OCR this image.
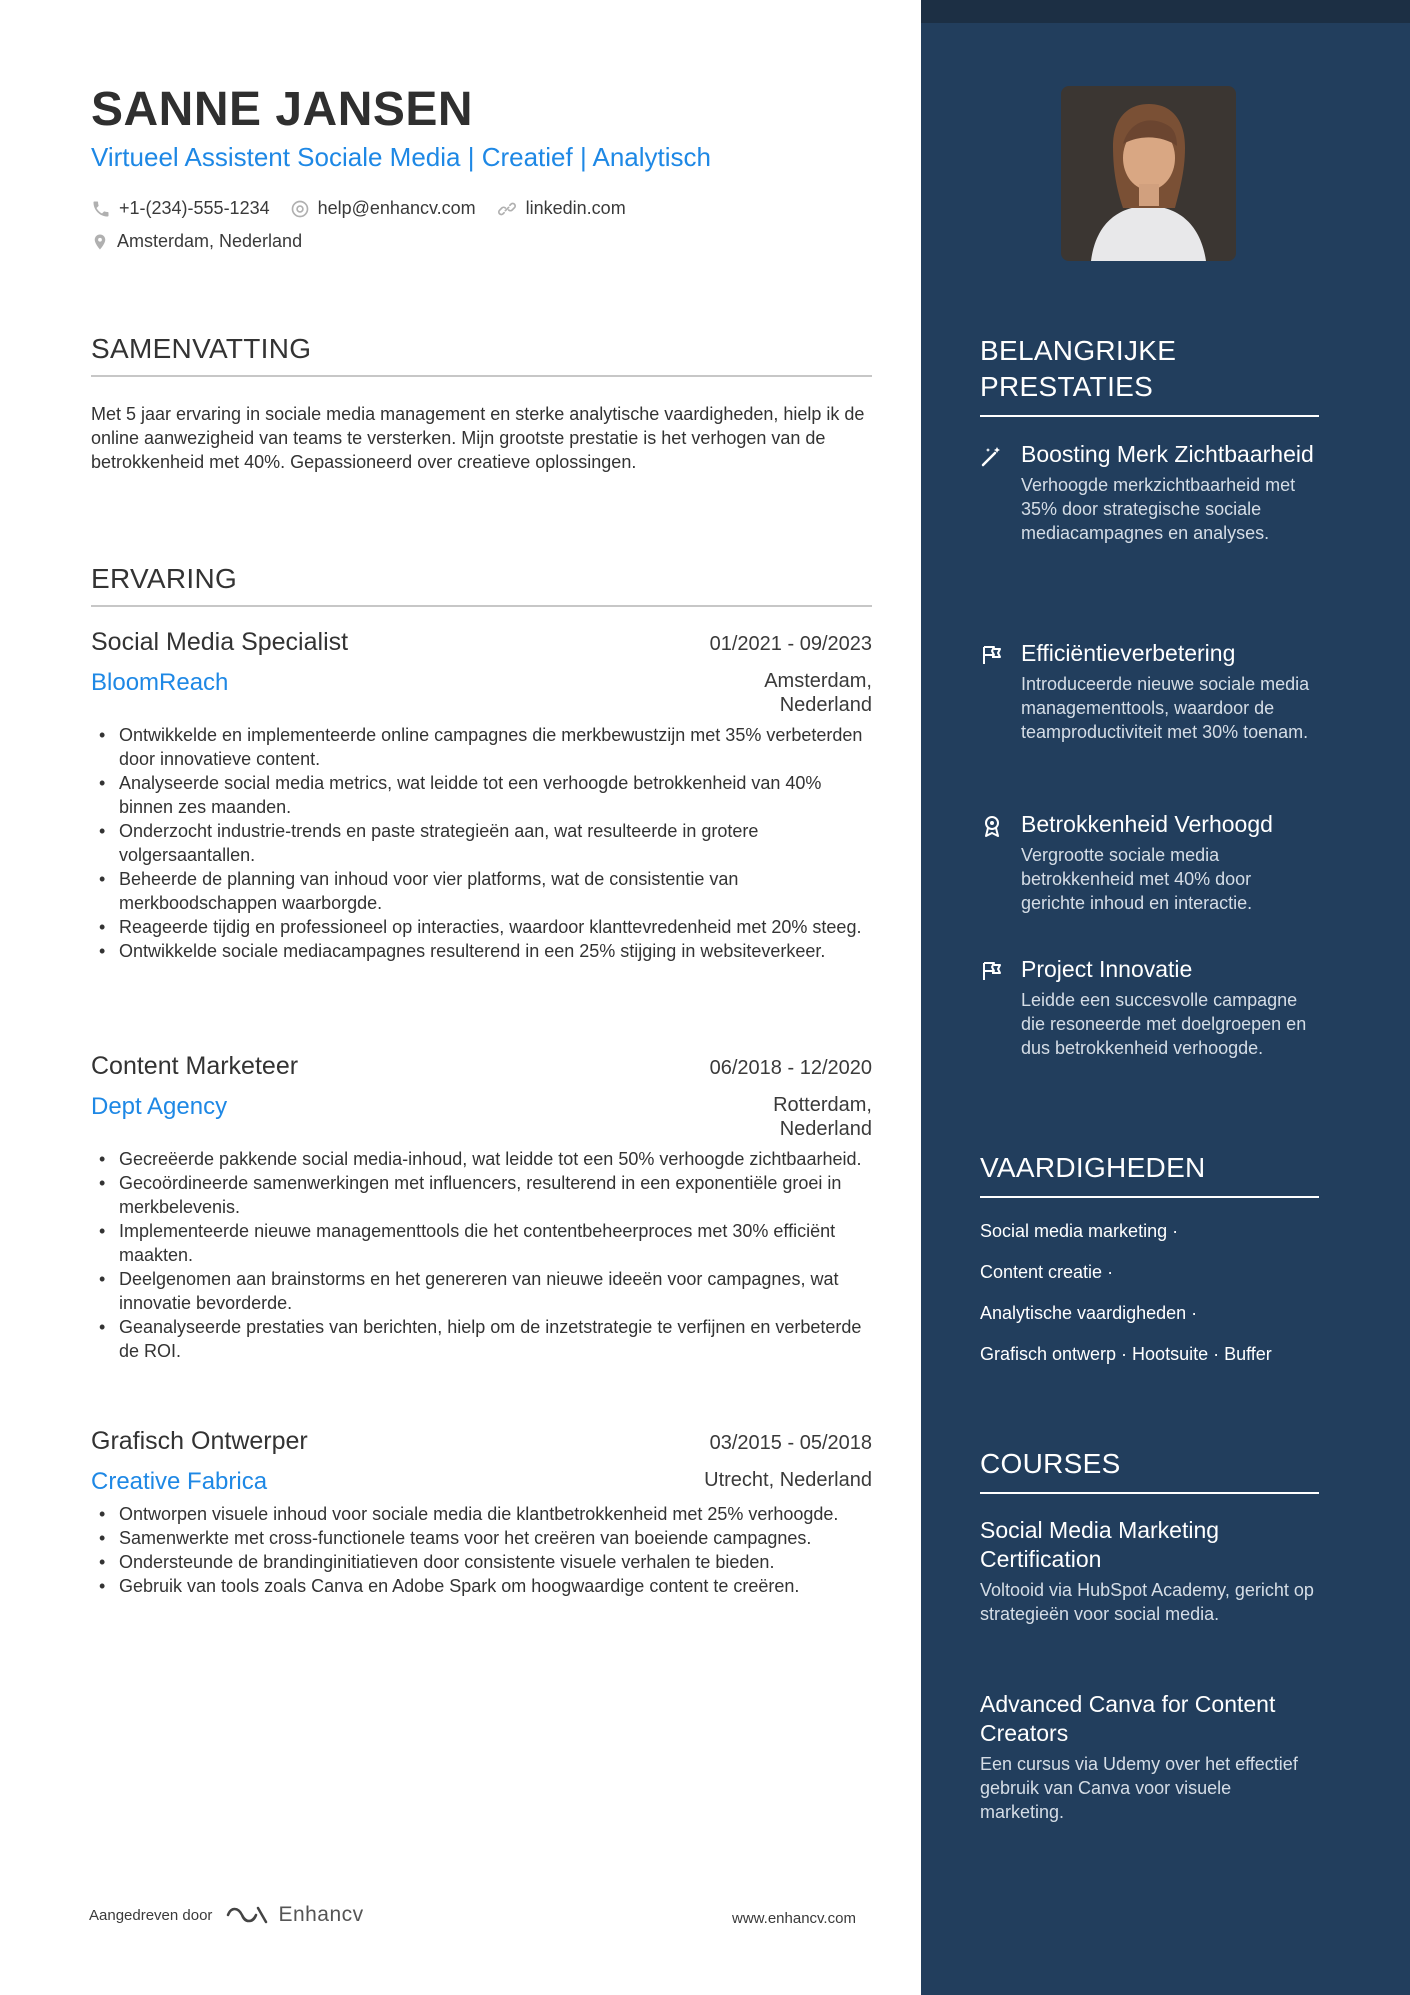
SANNE JANSEN
Virtueel Assistent Sociale Media | Creatief | Analytisch
+1-(234)-555-1234	help@enhancv.com	linkedin.com
Amsterdam, Nederland
SAMENVATTING
Met 5 jaar ervaring in sociale media management en sterke analytische vaardigheden, hielp ik de online aanwezigheid van teams te versterken. Mijn grootste prestatie is het verhogen van de betrokkenheid met 40%. Gepassioneerd over creatieve oplossingen.
ERVARING
Social Media Specialist	01/2021 - 09/2023
BloomReach	Amsterdam,
Nederland
• Ontwikkelde en implementeerde online campagnes die merkbewustzijn met 35% verbeterden door innovatieve content.
• Analyseerde social media metrics, wat leidde tot een verhoogde betrokkenheid van 40% binnen zes maanden.
• Onderzocht industrie-trends en paste strategieën aan, wat resulteerde in grotere volgersaantallen.
• Beheerde de planning van inhoud voor vier platforms, wat de consistentie van merkboodschappen waarborgde.
• Reageerde tijdig en professioneel op interacties, waardoor klanttevredenheid met 20% steeg.
• Ontwikkelde sociale mediacampagnes resulterend in een 25% stijging in websiteverkeer.
Content Marketeer	06/2018 - 12/2020
Dept Agency	Rotterdam,
Nederland
• Gecreëerde pakkende social media-inhoud, wat leidde tot een 50% verhoogde zichtbaarheid.
• Gecoördineerde samenwerkingen met influencers, resulterend in een exponentiële groei in merkbelevenis.
• Implementeerde nieuwe managementtools die het contentbeheerproces met 30% efficiënt maakten.
• Deelgenomen aan brainstorms en het genereren van nieuwe ideeën voor campagnes, wat innovatie bevorderde.
• Geanalyseerde prestaties van berichten, hielp om de inzetstrategie te verfijnen en verbeterde de ROI.
Grafisch Ontwerper	03/2015 - 05/2018
Creative Fabrica	Utrecht, Nederland
• Ontworpen visuele inhoud voor sociale media die klantbetrokkenheid met 25% verhoogde.
• Samenwerkte met cross-functionele teams voor het creëren van boeiende campagnes.
• Ondersteunde de brandinginitiatieven door consistente visuele verhalen te bieden.
• Gebruik van tools zoals Canva en Adobe Spark om hoogwaardige content te creëren.
Aangedreven door	Enhancv	www.enhancv.com
BELANGRIJKE PRESTATIES
Boosting Merk Zichtbaarheid
Verhoogde merkzichtbaarheid met 35% door strategische sociale mediacampagnes en analyses.
Efficiëntieverbetering
Introduceerde nieuwe sociale media managementtools, waardoor de teamproductiviteit met 30% toenam.
Betrokkenheid Verhoogd
Vergrootte sociale media betrokkenheid met 40% door gerichte inhoud en interactie.
Project Innovatie
Leidde een succesvolle campagne die resoneerde met doelgroepen en dus betrokkenheid verhoogde.
VAARDIGHEDEN
Social media marketing ·
Content creatie ·
Analytische vaardigheden ·
Grafisch ontwerp · Hootsuite · Buffer
COURSES
Social Media Marketing Certification
Voltooid via HubSpot Academy, gericht op strategieën voor social media.
Advanced Canva for Content Creators
Een cursus via Udemy over het effectief gebruik van Canva voor visuele marketing.
